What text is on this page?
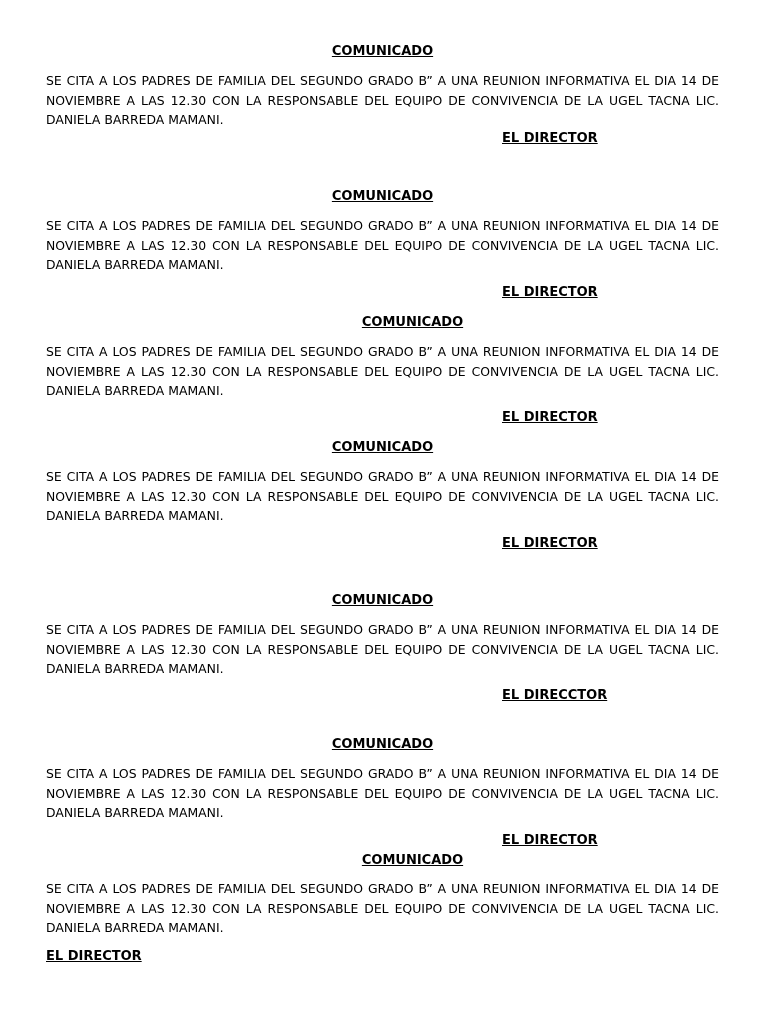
COMUNICADO
SE CITA A LOS PADRES DE FAMILIA DEL SEGUNDO GRADO B” A UNA REUNION INFORMATIVA EL DIA 14 DE NOVIEMBRE A LAS 12.30 CON LA RESPONSABLE DEL EQUIPO DE CONVIVENCIA DE LA UGEL TACNA LIC. DANIELA BARREDA MAMANI.
EL DIRECTOR
COMUNICADO
SE CITA A LOS PADRES DE FAMILIA DEL SEGUNDO GRADO B” A UNA REUNION INFORMATIVA EL DIA 14 DE NOVIEMBRE A LAS 12.30 CON LA RESPONSABLE DEL EQUIPO DE CONVIVENCIA DE LA UGEL TACNA LIC. DANIELA BARREDA MAMANI.
EL DIRECTOR
COMUNICADO
SE CITA A LOS PADRES DE FAMILIA DEL SEGUNDO GRADO B” A UNA REUNION INFORMATIVA EL DIA 14 DE NOVIEMBRE A LAS 12.30 CON LA RESPONSABLE DEL EQUIPO DE CONVIVENCIA DE LA UGEL TACNA LIC. DANIELA BARREDA MAMANI.
EL DIRECTOR
COMUNICADO
SE CITA A LOS PADRES DE FAMILIA DEL SEGUNDO GRADO B” A UNA REUNION INFORMATIVA EL DIA 14 DE NOVIEMBRE A LAS 12.30 CON LA RESPONSABLE DEL EQUIPO DE CONVIVENCIA DE LA UGEL TACNA LIC. DANIELA BARREDA MAMANI.
EL DIRECTOR
COMUNICADO
SE CITA A LOS PADRES DE FAMILIA DEL SEGUNDO GRADO B” A UNA REUNION INFORMATIVA EL DIA 14 DE NOVIEMBRE A LAS 12.30 CON LA RESPONSABLE DEL EQUIPO DE CONVIVENCIA DE LA UGEL TACNA LIC. DANIELA BARREDA MAMANI.
EL DIRECCTOR
COMUNICADO
SE CITA A LOS PADRES DE FAMILIA DEL SEGUNDO GRADO B” A UNA REUNION INFORMATIVA EL DIA 14 DE NOVIEMBRE A LAS 12.30 CON LA RESPONSABLE DEL EQUIPO DE CONVIVENCIA DE LA UGEL TACNA LIC. DANIELA BARREDA MAMANI.
EL DIRECTOR
COMUNICADO
SE CITA A LOS PADRES DE FAMILIA DEL SEGUNDO GRADO B” A UNA REUNION INFORMATIVA EL DIA 14 DE NOVIEMBRE A LAS 12.30 CON LA RESPONSABLE DEL EQUIPO DE CONVIVENCIA DE LA UGEL TACNA LIC. DANIELA BARREDA MAMANI.
EL DIRECTOR
